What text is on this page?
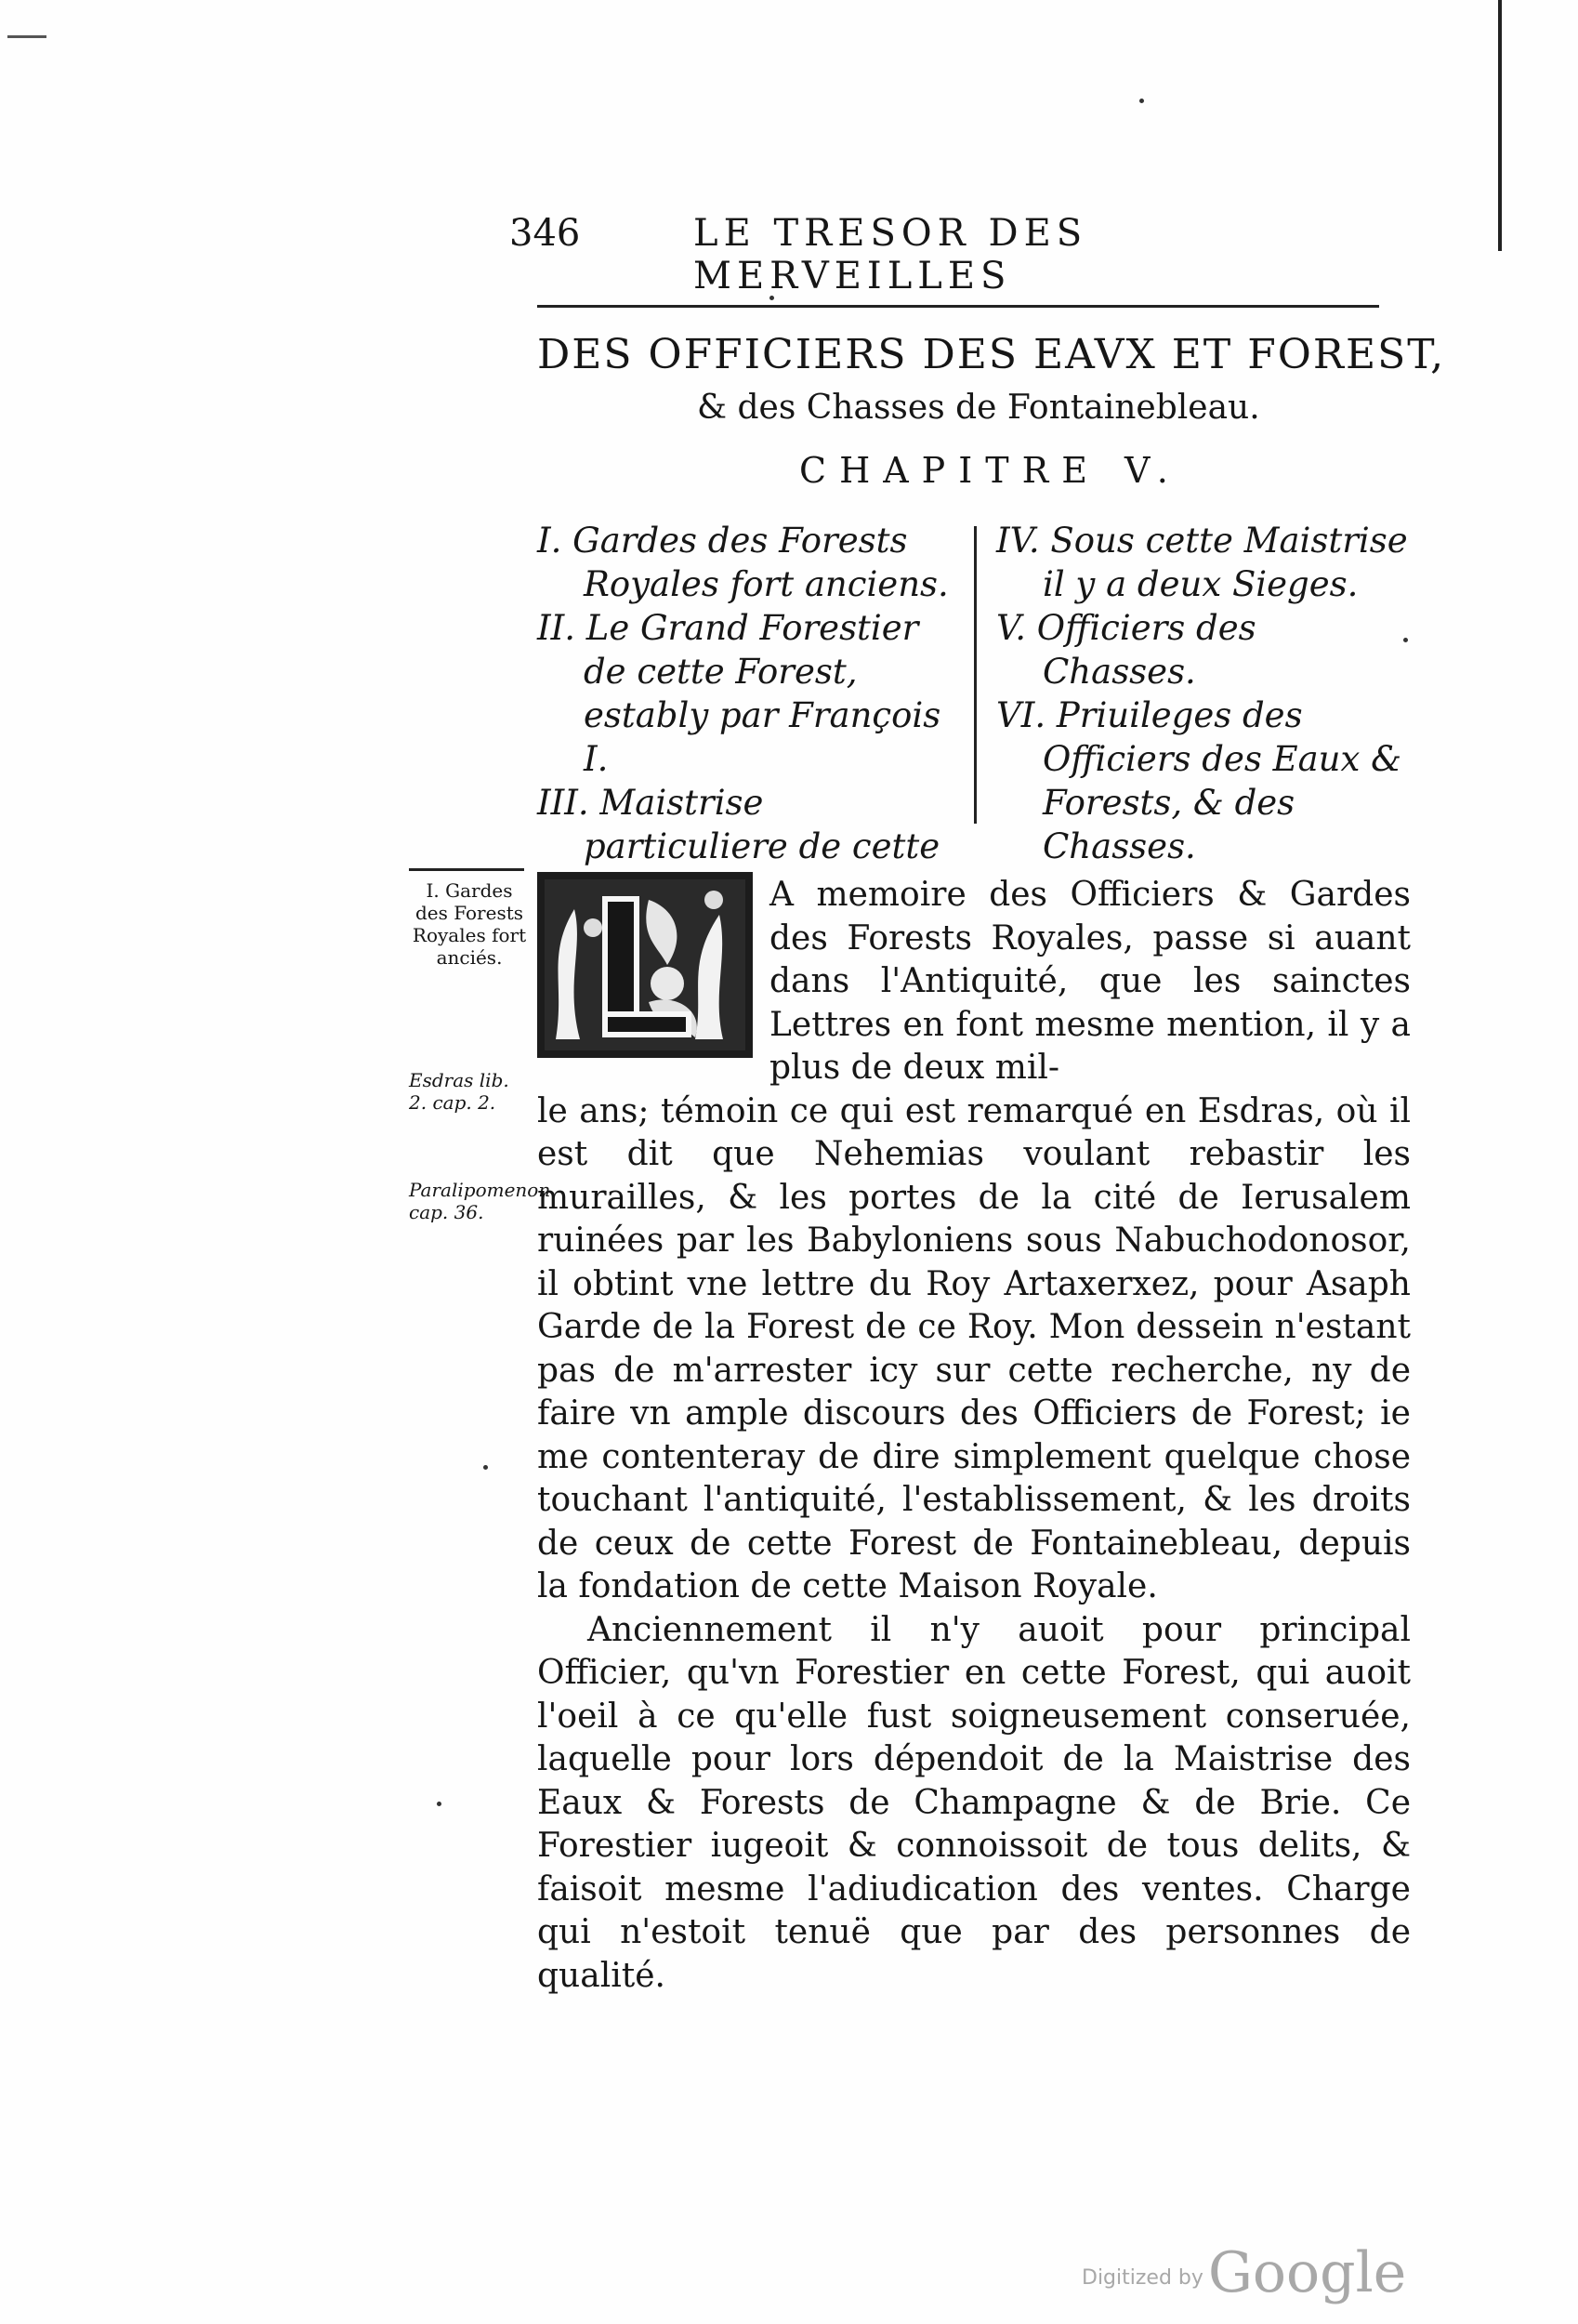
346	LE TRESOR DES MERVEILLES
DES OFFICIERS DES EAVX ET FOREST,
& des Chasses de Fontainebleau.
CHAPITRE V.
I. Gardes des Forests Royales fort anciens.
II. Le Grand Forestier de cette Forest, estably par François I.
III. Maistrise particuliere de cette
IV. Sous cette Maistrise il y a deux Sieges.
V. Officiers des Chasses.
VI. Priuileges des Officiers des Eaux & Forests, & des Chasses.
I. Gardes des Forests Royales fort anciés.
Esdras lib. 2. cap. 2.
Paralipomenon cap. 36.

A memoire des Officiers & Gardes des Forests Royales, passe si auant dans l'Antiquité, que les sainctes Lettres en font mesme mention, il y a plus de deux mil-
le ans; témoin ce qui est remarqué en Esdras, où il est dit que Nehemias voulant rebastir les murailles, & les portes de la cité de Ierusalem ruinées par les Babyloniens sous Nabuchodonosor, il obtint vne lettre du Roy Artaxerxez, pour Asaph Garde de la Forest de ce Roy. Mon dessein n'estant pas de m'arrester icy sur cette recherche, ny de faire vn ample discours des Officiers de Forest; ie me contenteray de dire simplement quelque chose touchant l'antiquité, l'establissement, & les droits de ceux de cette Forest de Fontainebleau, depuis la fondation de cette Maison Royale.

Anciennement il n'y auoit pour principal Officier, qu'vn Forestier en cette Forest, qui auoit l'oeil à ce qu'elle fust soigneusement conseruée, laquelle pour lors dépendoit de la Maistrise des Eaux & Forests de Champagne & de Brie. Ce Forestier iugeoit & connoissoit de tous delits, & faisoit mesme l'adiudication des ventes. Charge qui n'estoit tenuë que par des personnes de qualité.

Digitized by Google
